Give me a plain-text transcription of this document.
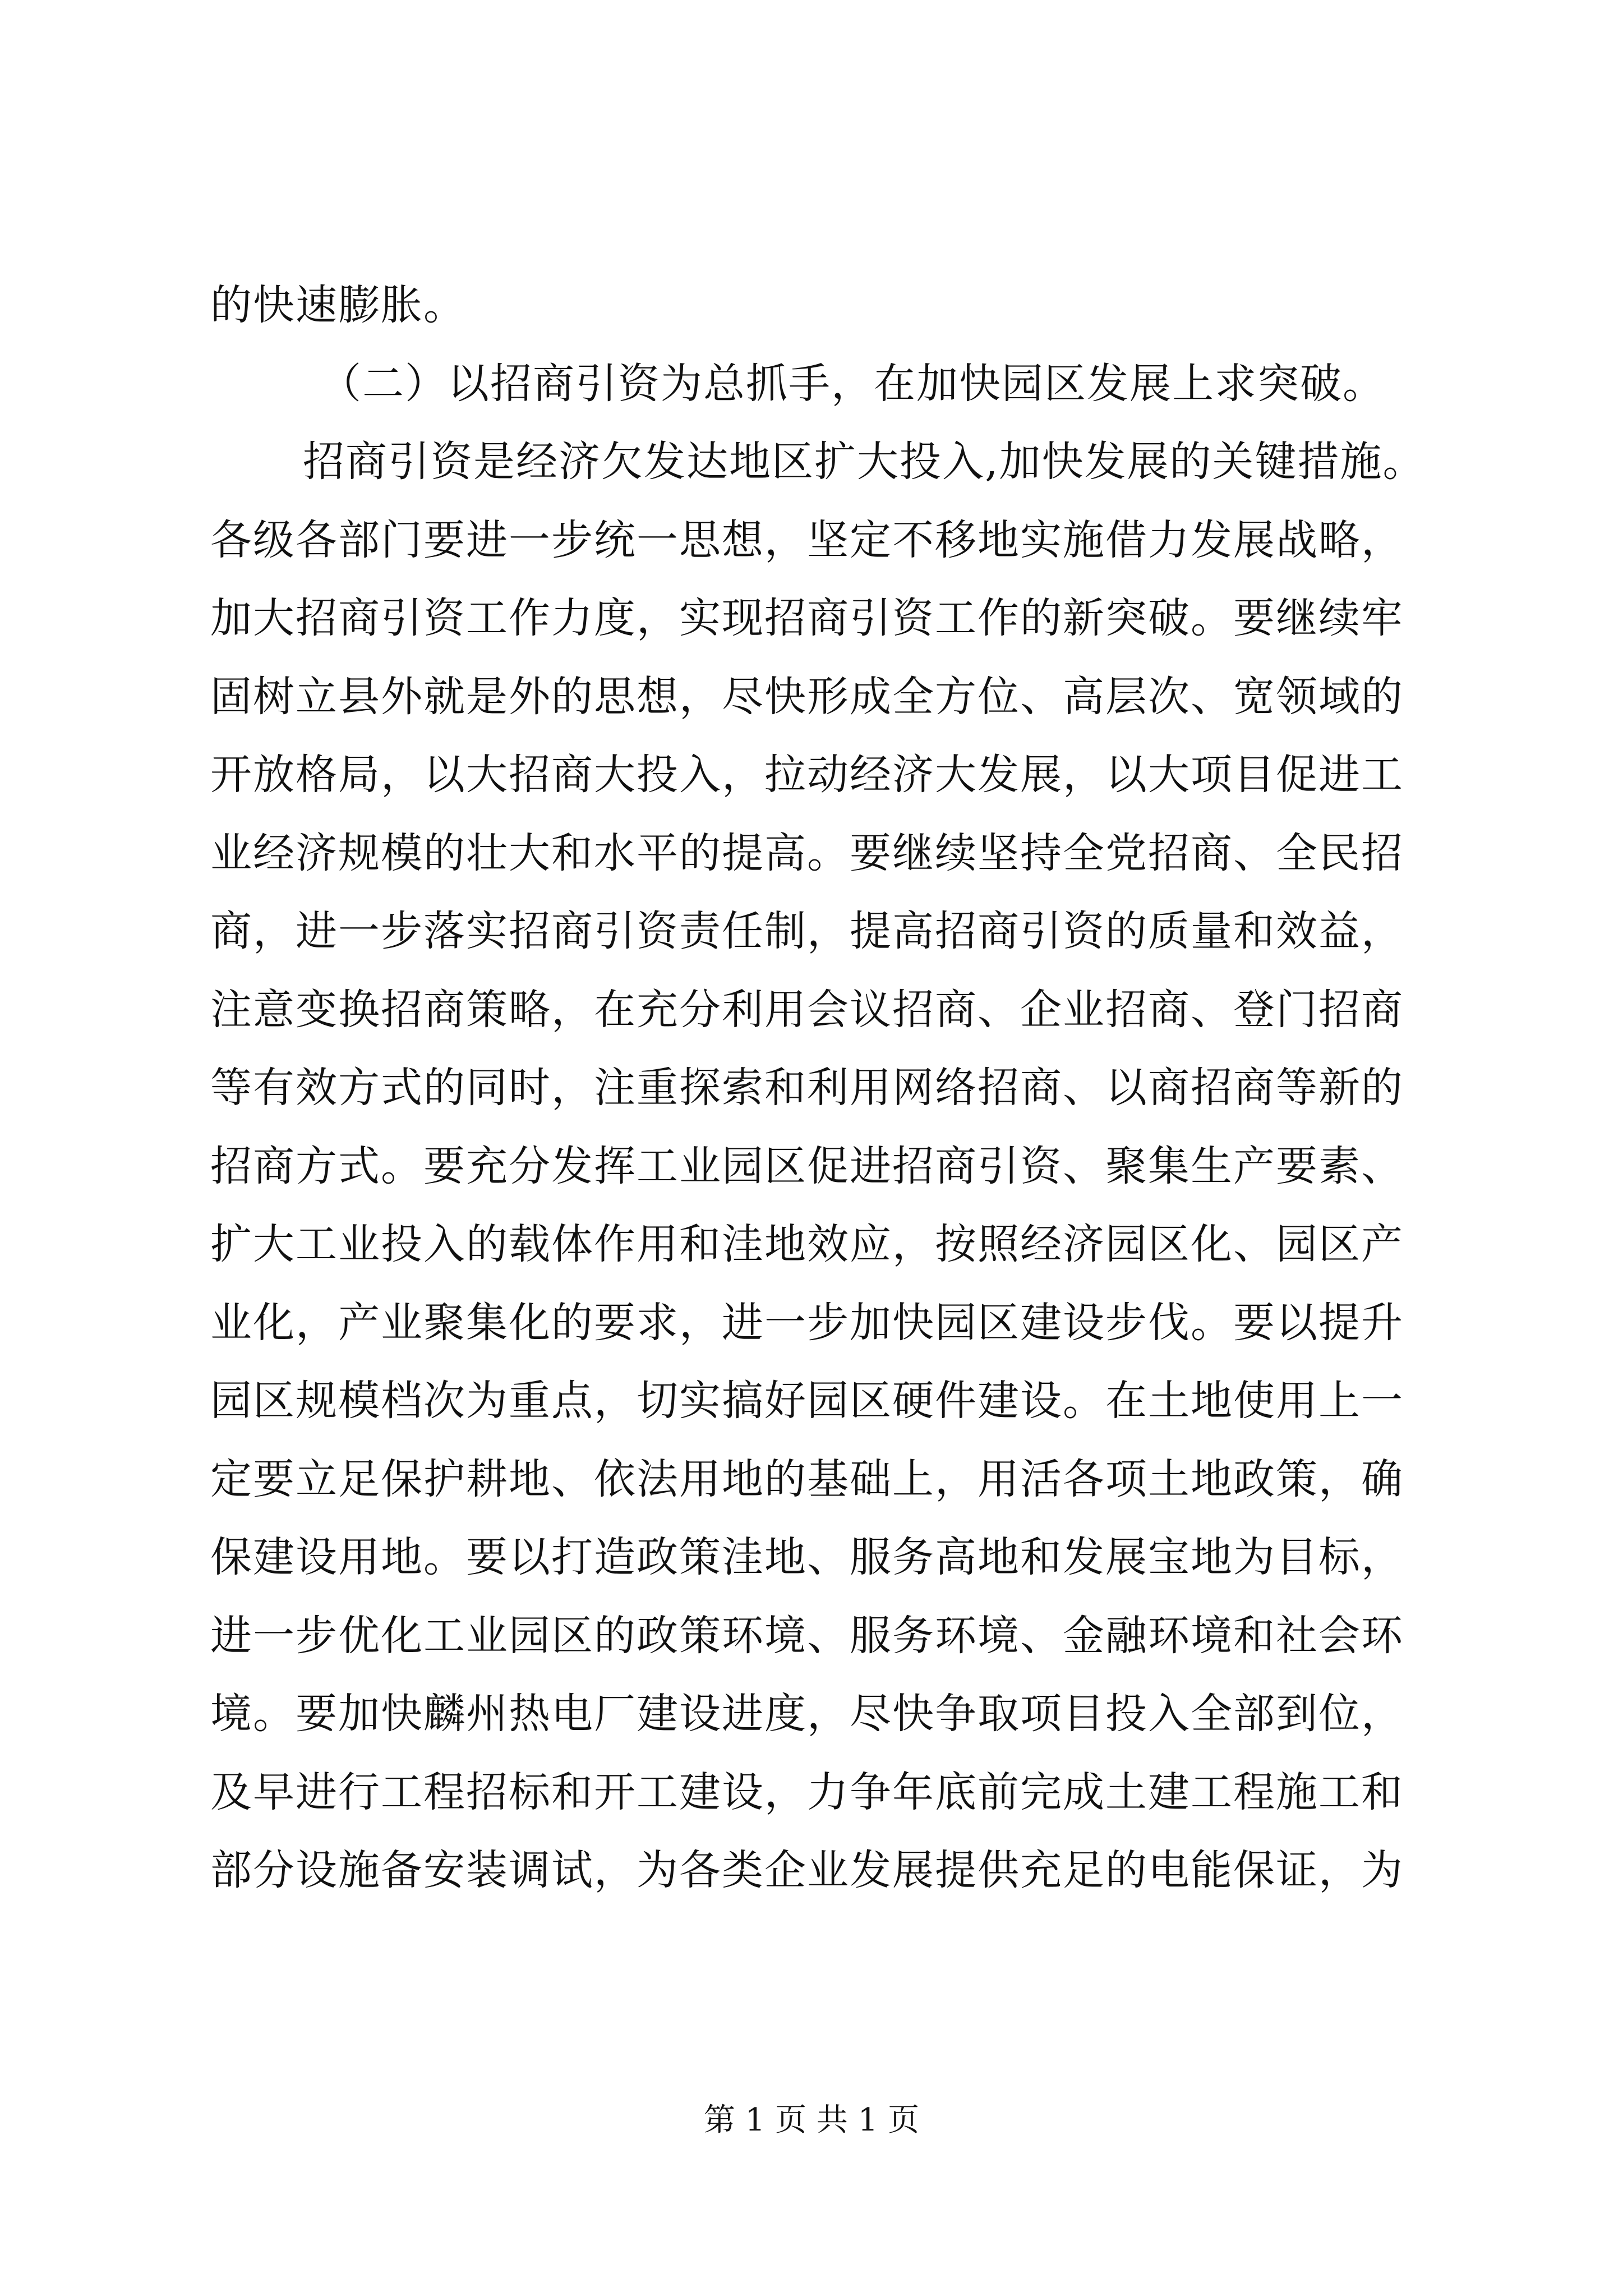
的快速膨胀。
（二）以招商引资为总抓手，在加快园区发展上求突破。
招商引资是经济欠发达地区扩大投入,加快发展的关键措施。
各级各部门要进一步统一思想，坚定不移地实施借力发展战略，
加大招商引资工作力度，实现招商引资工作的新突破。要继续牢
固树立县外就是外的思想，尽快形成全方位、高层次、宽领域的
开放格局，以大招商大投入，拉动经济大发展，以大项目促进工
业经济规模的壮大和水平的提高。要继续坚持全党招商、全民招
商，进一步落实招商引资责任制，提高招商引资的质量和效益，
注意变换招商策略，在充分利用会议招商、企业招商、登门招商
等有效方式的同时，注重探索和利用网络招商、以商招商等新的
招商方式。要充分发挥工业园区促进招商引资、聚集生产要素、
扩大工业投入的载体作用和洼地效应，按照经济园区化、园区产
业化，产业聚集化的要求，进一步加快园区建设步伐。要以提升
园区规模档次为重点，切实搞好园区硬件建设。在土地使用上一
定要立足保护耕地、依法用地的基础上，用活各项土地政策，确
保建设用地。要以打造政策洼地、服务高地和发展宝地为目标，
进一步优化工业园区的政策环境、服务环境、金融环境和社会环
境。要加快麟州热电厂建设进度，尽快争取项目投入全部到位，
及早进行工程招标和开工建设，力争年底前完成土建工程施工和
部分设施备安装调试，为各类企业发展提供充足的电能保证，为
第 1 页 共 1 页
